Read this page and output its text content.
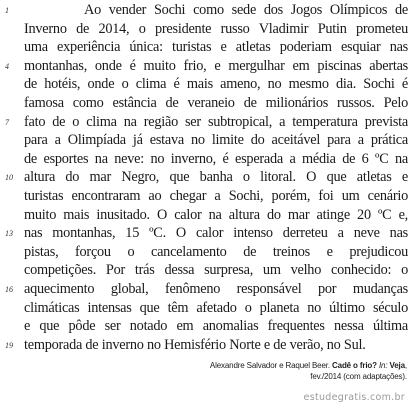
1	Ao vender Sochi como sede dos Jogos Olímpicos de
Inverno de 2014, o presidente russo Vladimir Putin prometeu
uma experiência única: turistas e atletas poderiam esquiar nas
4	montanhas, onde é muito frio, e mergulhar em piscinas abertas
de hotéis, onde o clima é mais ameno, no mesmo dia. Sochi é
famosa como estância de veraneio de milionários russos. Pelo
7	fato de o clima na região ser subtropical, a temperatura prevista
para a Olimpíada já estava no limite do aceitável para a prática
de esportes na neve: no inverno, é esperada a média de 6 ºC na
10 altura do mar Negro, que banha o litoral. O que atletas e
turistas encontraram ao chegar a Sochi, porém, foi um cenário
muito mais inusitado. O calor na altura do mar atinge 20 ºC e,
13 nas montanhas, 15 ºC. O calor intenso derreteu a neve nas
pistas, forçou o cancelamento de treinos e prejudicou
competições. Por trás dessa surpresa, um velho conhecido: o
16 aquecimento global, fenômeno responsável por mudanças
climáticas intensas que têm afetado o planeta no último século
e que pôde ser notado em anomalias frequentes nessa última
19 temporada de inverno no Hemisfério Norte e de verão, no Sul.
Alexandre Salvador e Raquel Beer. Cadê o frio? In: Veja, fev./2014 (com adaptações).
estudegratis.com.br
